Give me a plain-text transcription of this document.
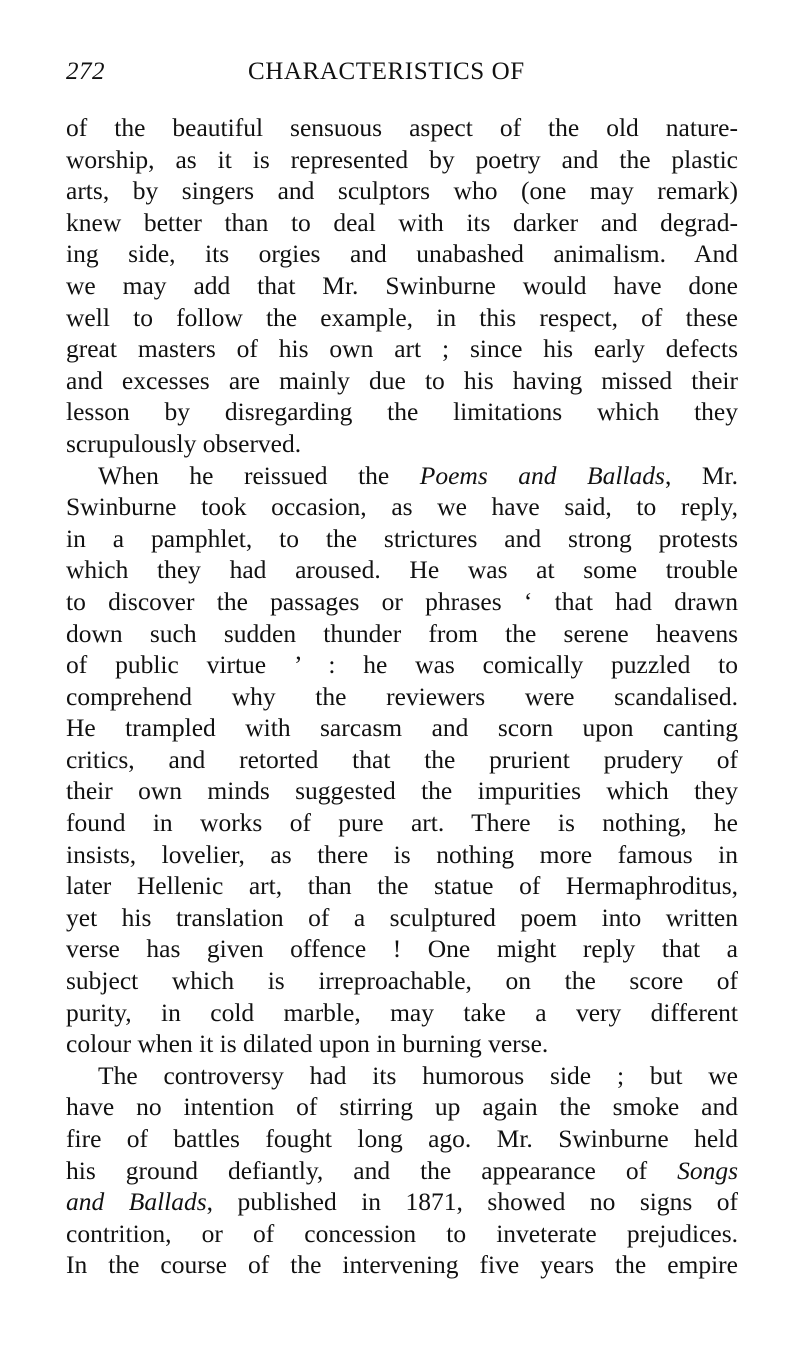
272	CHARACTERISTICS OF
of the beautiful sensuous aspect of the old nature-
worship, as it is represented by poetry and the plastic
arts, by singers and sculptors who (one may remark)
knew better than to deal with its darker and degrad-
ing side, its orgies and unabashed animalism. And
we may add that Mr. Swinburne would have done
well to follow the example, in this respect, of these
great masters of his own art ; since his early defects
and excesses are mainly due to his having missed their
lesson by disregarding the limitations which they
scrupulously observed.
When he reissued the Poems and Ballads, Mr.
Swinburne took occasion, as we have said, to reply,
in a pamphlet, to the strictures and strong protests
which they had aroused. He was at some trouble
to discover the passages or phrases ‘ that had drawn
down such sudden thunder from the serene heavens
of public virtue ’ : he was comically puzzled to
comprehend why the reviewers were scandalised.
He trampled with sarcasm and scorn upon canting
critics, and retorted that the prurient prudery of
their own minds suggested the impurities which they
found in works of pure art. There is nothing, he
insists, lovelier, as there is nothing more famous in
later Hellenic art, than the statue of Hermaphroditus,
yet his translation of a sculptured poem into written
verse has given offence ! One might reply that a
subject which is irreproachable, on the score of
purity, in cold marble, may take a very different
colour when it is dilated upon in burning verse.
The controversy had its humorous side ; but we
have no intention of stirring up again the smoke and
fire of battles fought long ago. Mr. Swinburne held
his ground defiantly, and the appearance of Songs
and Ballads, published in 1871, showed no signs of
contrition, or of concession to inveterate prejudices.
In the course of the intervening five years the empire
